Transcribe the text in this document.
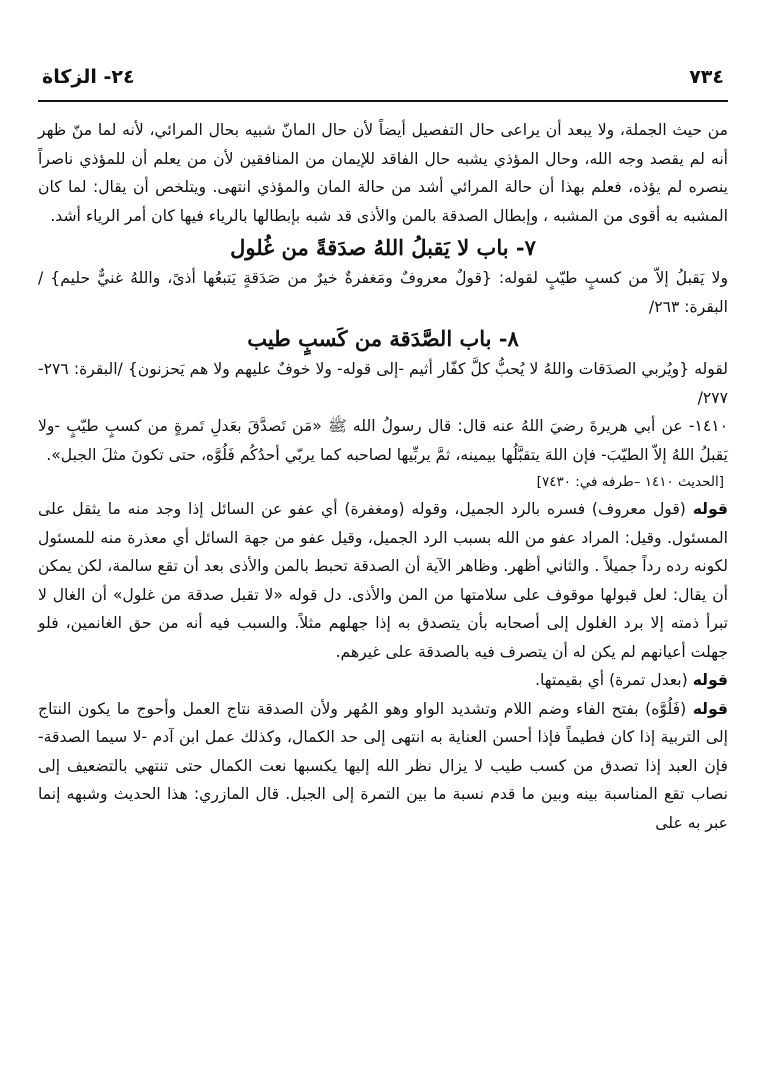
٧٣٤
٢٤- الزكاة

من حيث الجملة، ولا يبعد أن يراعى حال التفصيل أيضاً لأن حال المانّ شبيه بحال المرائي، لأنه لما منّ ظهر أنه لم يقصد وجه الله، وحال المؤذي يشبه حال الفاقد للإيمان من المنافقين لأن من يعلم أن للمؤذي ناصراً ينصره لم يؤذه، فعلم بهذا أن حالة المرائي أشد من حالة المان والمؤذي انتهى. ويتلخص أن يقال: لما كان المشبه به أقوى من المشبه ، وإبطال الصدقة بالمن والأذى قد شبه بإبطالها بالرياء فيها كان أمر الرياء أشد.

٧- باب لا يَقبلُ اللهُ صدَقةً من غُلول

ولا يَقبلُ إلاّ من كسبٍ طيّبٍ لقوله: {قولٌ معروفٌ ومَغفرةٌ خيرٌ من صَدَقةٍ يَتبعُها أذىً، واللهُ غنيٌّ حليم} /البقرة: ٢٦٣/

٨- باب الصَّدَقة من كَسبٍ طيب

لقوله {ويُربي الصدَقات واللهُ لا يُحبُّ كلَّ كفّار أثيم -إلى قوله- ولا خوفٌ عليهم ولا هم يَحزنون} /البقرة: ٢٧٦- ٢٧٧/

١٤١٠- عن أبي هريرةَ رضيَ اللهُ عنه قال: قال رسولُ الله ﷺ «مَن تَصدَّقَ بعَدلِ تَمرةٍ من كسبٍ طيّبٍ -ولا يَقبلُ اللهُ إلاّ الطيّبَ- فإن اللهَ يتقبَّلُها بيمينه، ثمَّ يربِّيها لصاحبه كما يربّي أحدُكُم فَلُوَّه، حتى تكونَ مثلَ الجبل».

[الحديث ١٤١٠ –طرفه في: ٧٤٣٠]

قوله (قول معروف) فسره بالرد الجميل، وقوله (ومغفرة) أي عفو عن السائل إذا وجد منه ما يثقل على المسئول. وقيل: المراد عفو من الله بسبب الرد الجميل، وقيل عفو من جهة السائل أي معذرة منه للمسئول لكونه رده رداً جميلاً . والثاني أظهر. وظاهر الآية أن الصدقة تحبط بالمن والأذى بعد أن تقع سالمة، لكن يمكن أن يقال: لعل قبولها موقوف على سلامتها من المن والأذى. دل قوله «لا تقبل صدقة من غلول» أن الغال لا تبرأ ذمته إلا برد الغلول إلى أصحابه بأن يتصدق به إذا جهلهم مثلاً. والسبب فيه أنه من حق الغانمين، فلو جهلت أعيانهم لم يكن له أن يتصرف فيه بالصدقة على غيرهم.

قوله (بعدل تمرة) أي بقيمتها.

قوله (فَلُوَّه) بفتح الفاء وضم اللام وتشديد الواو وهو المُهر ولأن الصدقة نتاج العمل وأحوج ما يكون النتاج إلى التربية إذا كان فطيماً فإذا أحسن العناية به انتهى إلى حد الكمال، وكذلك عمل ابن آدم -لا سيما الصدقة- فإن العبد إذا تصدق من كسب طيب لا يزال نظر الله إليها يكسبها نعت الكمال حتى تنتهي بالتضعيف إلى نصاب تقع المناسبة بينه وبين ما قدم نسبة ما بين التمرة إلى الجبل. قال المازري: هذا الحديث وشبهه إنما عبر به على
